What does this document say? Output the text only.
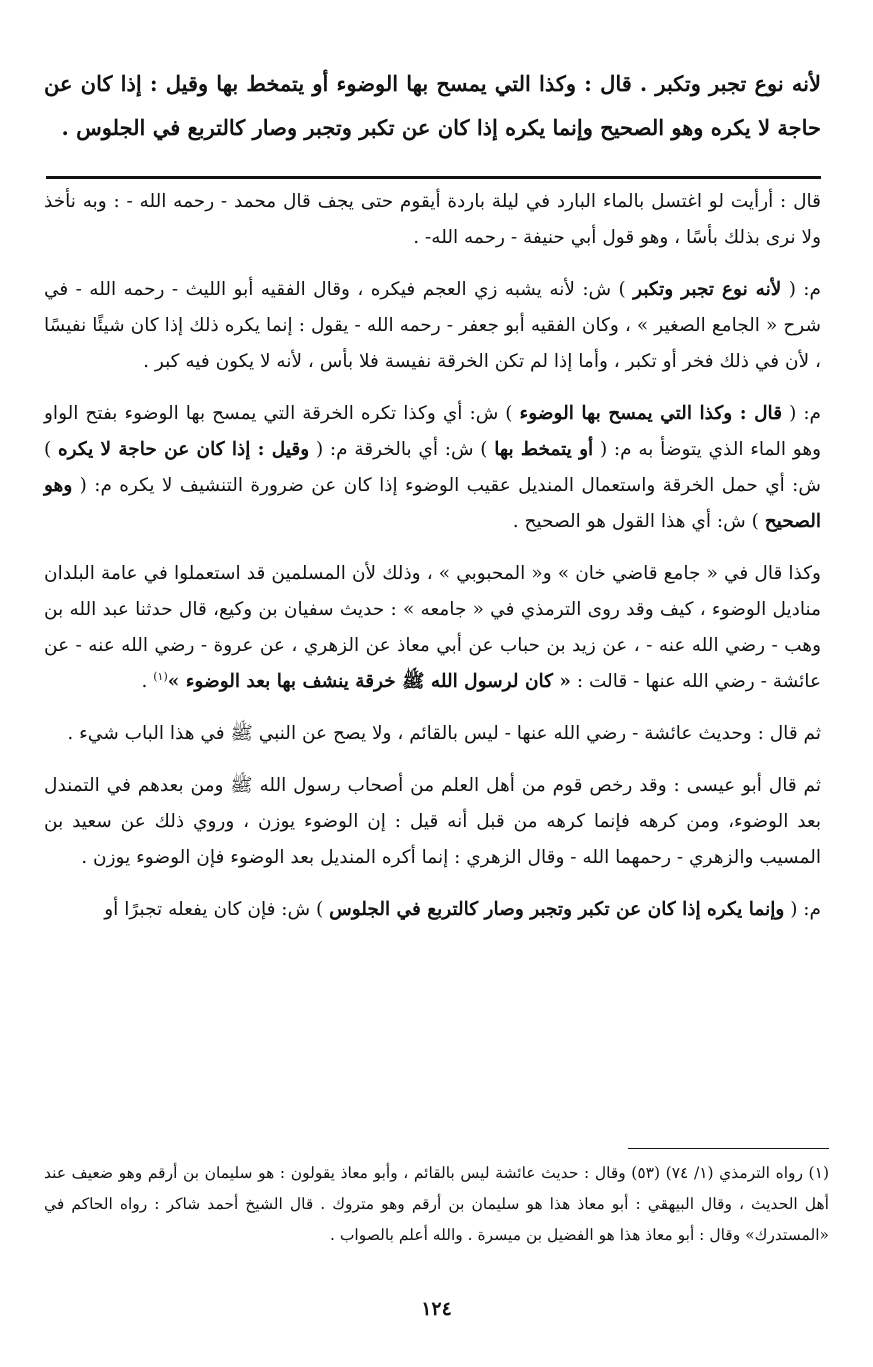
لأنه نوع تجبر وتكبر . قال : وكذا التي يمسح بها الوضوء أو يتمخط بها وقيل : إذا كان عن حاجة لا يكره وهو الصحيح وإنما يكره إذا كان عن تكبر وتجبر وصار كالتربع في الجلوس .

قال : أرأيت لو اغتسل بالماء البارد في ليلة باردة أيقوم حتى يجف قال محمد - رحمه الله - : وبه نأخذ ولا نرى بذلك بأسًا ، وهو قول أبي حنيفة - رحمه الله- .

م: ( لأنه نوع تجبر وتكبر ) ش: لأنه يشبه زي العجم فيكره ، وقال الفقيه أبو الليث - رحمه الله - في شرح « الجامع الصغير » ، وكان الفقيه أبو جعفر - رحمه الله - يقول : إنما يكره ذلك إذا كان شيئًا نفيسًا ، لأن في ذلك فخر أو تكبر ، وأما إذا لم تكن الخرقة نفيسة فلا بأس ، لأنه لا يكون فيه كبر .

م: ( قال : وكذا التي يمسح بها الوضوء ) ش: أي وكذا تكره الخرقة التي يمسح بها الوضوء بفتح الواو وهو الماء الذي يتوضأ به م: ( أو يتمخط بها ) ش: أي بالخرقة م: ( وقيل : إذا كان عن حاجة لا يكره ) ش: أي حمل الخرقة واستعمال المنديل عقيب الوضوء إذا كان عن ضرورة التنشيف لا يكره م: ( وهو الصحيح ) ش: أي هذا القول هو الصحيح .

وكذا قال في « جامع قاضي خان » و« المحبوبي » ، وذلك لأن المسلمين قد استعملوا في عامة البلدان مناديل الوضوء ، كيف وقد روى الترمذي في « جامعه » : حديث سفيان بن وكيع، قال حدثنا عبد الله بن وهب - رضي الله عنه - ، عن زيد بن حباب عن أبي معاذ عن الزهري ، عن عروة - رضي الله عنه - عن عائشة - رضي الله عنها - قالت : « كان لرسول الله ﷺ خرقة ينشف بها بعد الوضوء »$^{(١)}$ .

ثم قال : وحديث عائشة - رضي الله عنها - ليس بالقائم ، ولا يصح عن النبي ﷺ في هذا الباب شيء .

ثم قال أبو عيسى : وقد رخص قوم من أهل العلم من أصحاب رسول الله ﷺ ومن بعدهم في التمندل بعد الوضوء، ومن كرهه فإنما كرهه من قبل أنه قيل : إن الوضوء يوزن ، وروي ذلك عن سعيد بن المسيب والزهري - رحمهما الله - وقال الزهري : إنما أكره المنديل بعد الوضوء فإن الوضوء يوزن .

م: ( وإنما يكره إذا كان عن تكبر وتجبر وصار كالتربع في الجلوس ) ش: فإن كان يفعله تجبرًا أو

(١) رواه الترمذي (١/ ٧٤) (٥٣) وقال : حديث عائشة ليس بالقائم ، وأبو معاذ يقولون : هو سليمان بن أرقم وهو ضعيف عند أهل الحديث ، وقال البيهقي : أبو معاذ هذا هو سليمان بن أرقم وهو متروك . قال الشيخ أحمد شاكر : رواه الحاكم في «المستدرك» وقال : أبو معاذ هذا هو الفضيل بن ميسرة . والله أعلم بالصواب .

١٢٤
